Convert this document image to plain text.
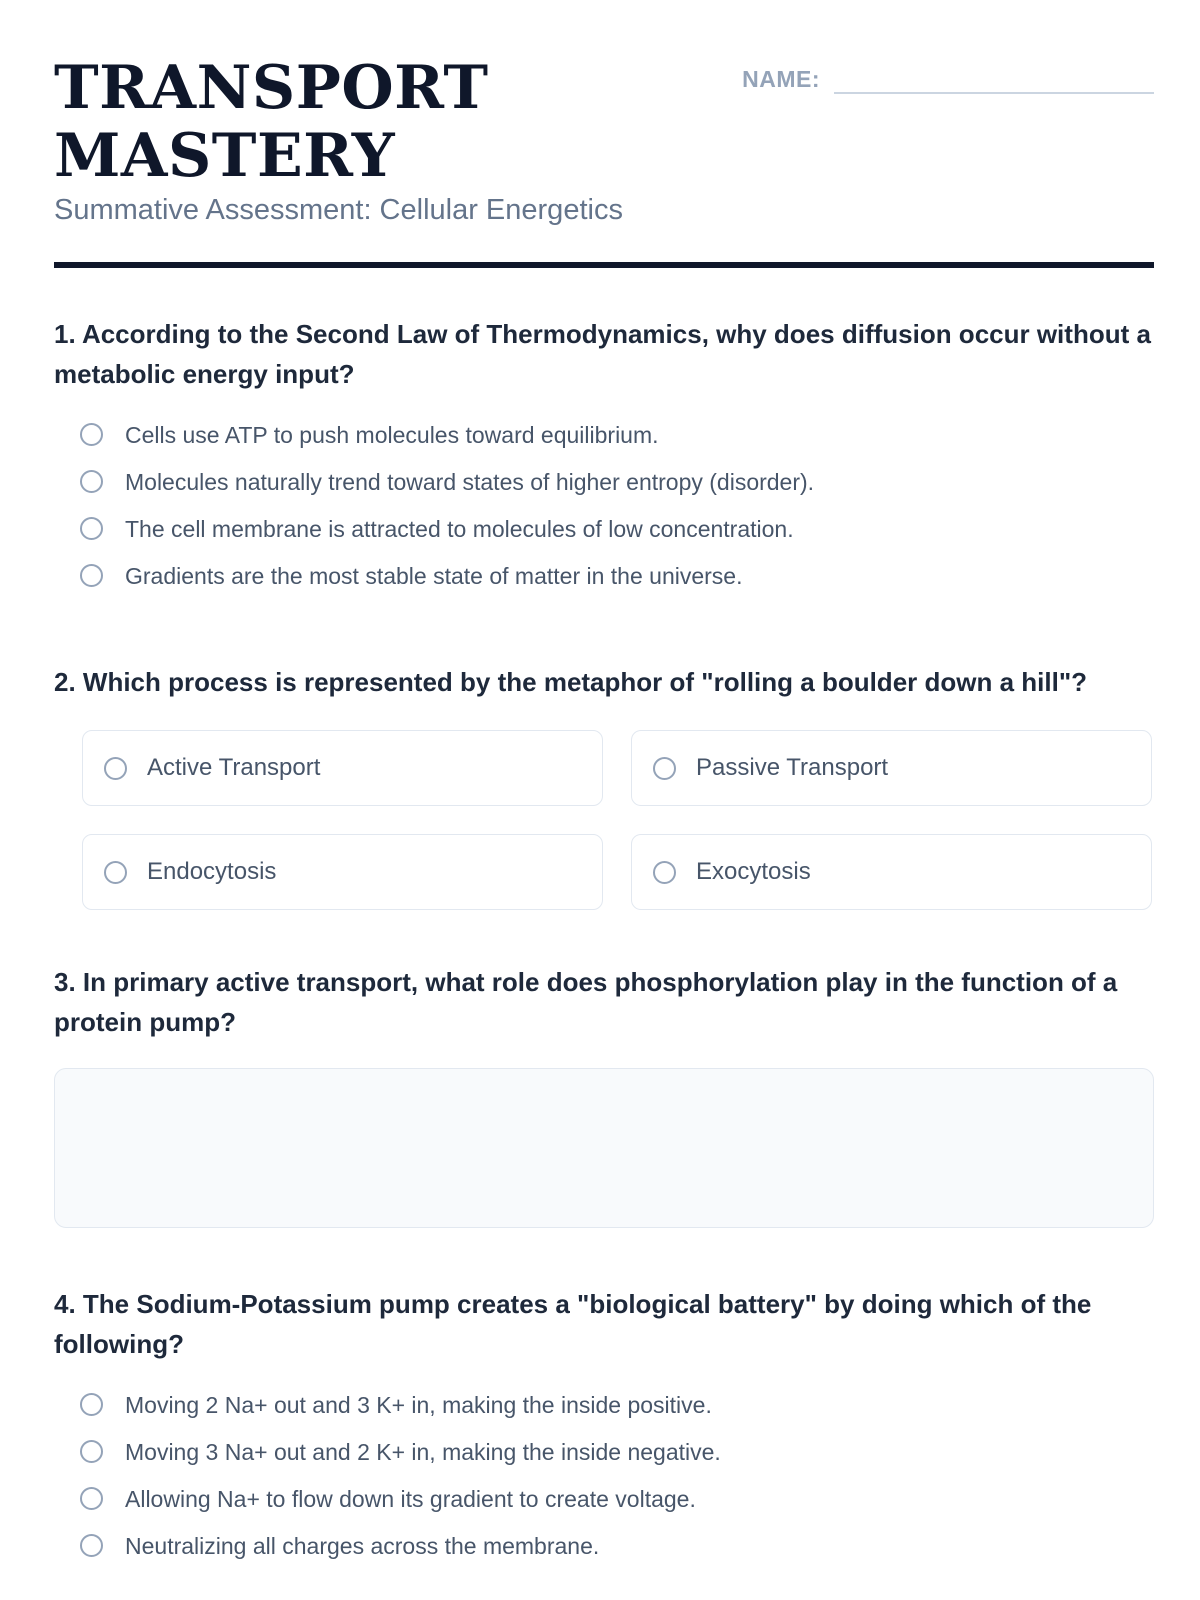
TRANSPORT
MASTERY

Summative Assessment: Cellular Energetics

NAME:

1. According to the Second Law of Thermodynamics, why does diffusion occur without a metabolic energy input?

Cells use ATP to push molecules toward equilibrium.
Molecules naturally trend toward states of higher entropy (disorder).
The cell membrane is attracted to molecules of low concentration.
Gradients are the most stable state of matter in the universe.

2. Which process is represented by the metaphor of "rolling a boulder down a hill"?

Active Transport	Passive Transport
Endocytosis	Exocytosis

3. In primary active transport, what role does phosphorylation play in the function of a protein pump?

4. The Sodium-Potassium pump creates a "biological battery" by doing which of the following?

Moving 2 Na+ out and 3 K+ in, making the inside positive.
Moving 3 Na+ out and 2 K+ in, making the inside negative.
Allowing Na+ to flow down its gradient to create voltage.
Neutralizing all charges across the membrane.
